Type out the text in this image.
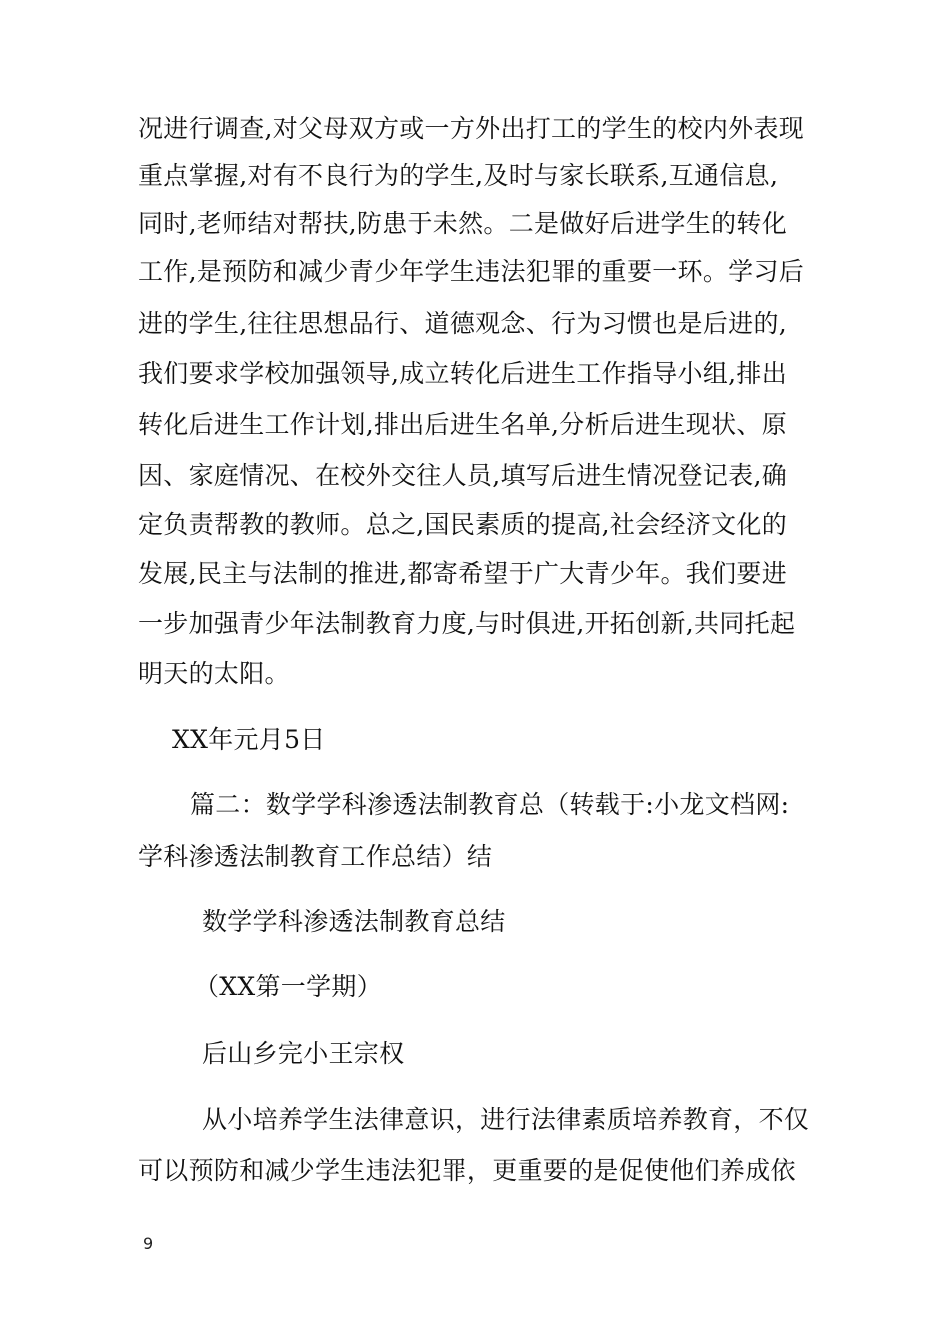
况进行调查,对父母双方或一方外出打工的学生的校内外表现
重点掌握,对有不良行为的学生,及时与家长联系,互通信息,
同时,老师结对帮扶,防患于未然。二是做好后进学生的转化
工作,是预防和减少青少年学生违法犯罪的重要一环。学习后
进的学生,往往思想品行、道德观念、行为习惯也是后进的,
我们要求学校加强领导,成立转化后进生工作指导小组,排出
转化后进生工作计划,排出后进生名单,分析后进生现状、原
因、家庭情况、在校外交往人员,填写后进生情况登记表,确
定负责帮教的教师。总之,国民素质的提高,社会经济文化的
发展,民主与法制的推进,都寄希望于广大青少年。我们要进
一步加强青少年法制教育力度,与时俱进,开拓创新,共同托起
明天的太阳。
XX年元月5日
篇二：数学学科渗透法制教育总（转载于:小龙文档网:
学科渗透法制教育工作总结）结
数学学科渗透法制教育总结
（XX第一学期）
后山乡完小王宗权
从小培养学生法律意识，进行法律素质培养教育，不仅
可以预防和减少学生违法犯罪，更重要的是促使他们养成依
9
